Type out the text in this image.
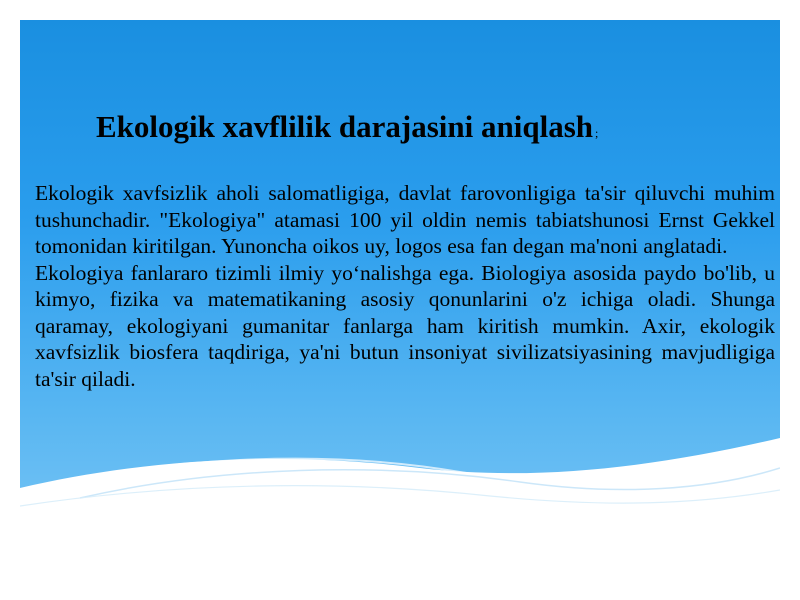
Ekologik xavflilik darajasini aniqlash ;

Ekologik xavfsizlik aholi salomatligiga, davlat farovonligiga ta'sir qiluvchi muhim tushunchadir. "Ekologiya" atamasi 100 yil oldin nemis tabiatshunosi Ernst Gekkel tomonidan kiritilgan. Yunoncha oikos uy, logos esa fan degan ma'noni anglatadi.

Ekologiya fanlararo tizimli ilmiy yo‘nalishga ega. Biologiya asosida paydo bo'lib, u kimyo, fizika va matematikaning asosiy qonunlarini o'z ichiga oladi. Shunga qaramay, ekologiyani gumanitar fanlarga ham kiritish mumkin. Axir, ekologik xavfsizlik biosfera taqdiriga, ya'ni butun insoniyat sivilizatsiyasining mavjudligiga ta'sir qiladi.
